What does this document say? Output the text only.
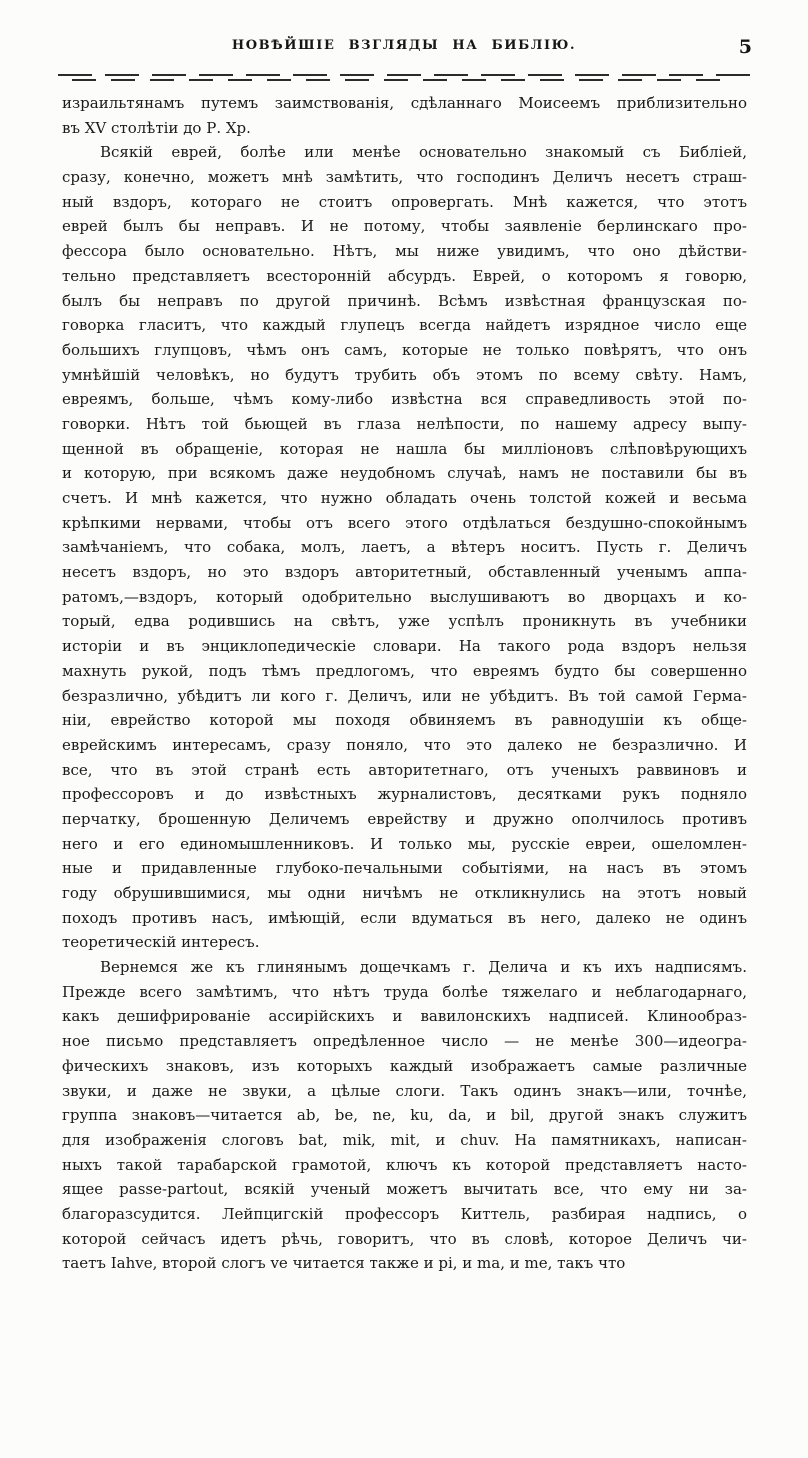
НОВѢЙШІЕ ВЗГЛЯДЫ НА БИБЛІЮ.	5
израильтянамъ путемъ заимствованія, сдѣланнаго Моисеемъ приблизительно
въ XV столѣтіи до Р. Хр.
Всякій еврей, болѣе или менѣе основательно знакомый съ Библіей,
сразу, конечно, можетъ мнѣ замѣтить, что господинъ Деличъ несетъ страш-
ный вздоръ, котораго не стоитъ опровергать. Мнѣ кажется, что этотъ
еврей былъ бы неправъ. И не потому, чтобы заявленіе берлинскаго про-
фессора было основательно. Нѣтъ, мы ниже увидимъ, что оно дѣйстви-
тельно представляетъ всесторонній абсурдъ. Еврей, о которомъ я говорю,
былъ бы неправъ по другой причинѣ. Всѣмъ извѣстная французская по-
говорка гласитъ, что каждый глупецъ всегда найдетъ изрядное число еще
большихъ глупцовъ, чѣмъ онъ самъ, которые не только повѣрятъ, что онъ
умнѣйшій человѣкъ, но будутъ трубить объ этомъ по всему свѣту. Намъ,
евреямъ, больше, чѣмъ кому-либо извѣстна вся справедливость этой по-
говорки. Нѣтъ той бьющей въ глаза нелѣпости, по нашему адресу выпу-
щенной въ обращеніе, которая не нашла бы милліоновъ слѣповѣрующихъ
и которую, при всякомъ даже неудобномъ случаѣ, намъ не поставили бы въ
счетъ. И мнѣ кажется, что нужно обладать очень толстой кожей и весьма
крѣпкими нервами, чтобы отъ всего этого отдѣлаться бездушно-спокойнымъ
замѣчаніемъ, что собака, молъ, лаетъ, а вѣтеръ носитъ. Пусть г. Деличъ
несетъ вздоръ, но это вздоръ авторитетный, обставленный ученымъ аппа-
ратомъ,—вздоръ, который одобрительно выслушиваютъ во дворцахъ и ко-
торый, едва родившись на свѣтъ, уже успѣлъ проникнуть въ учебники
исторіи и въ энциклопедическіе словари. На такого рода вздоръ нельзя
махнуть рукой, подъ тѣмъ предлогомъ, что евреямъ будто бы совершенно
безразлично, убѣдитъ ли кого г. Деличъ, или не убѣдитъ. Въ той самой Герма-
ніи, еврейство которой мы походя обвиняемъ въ равнодушіи къ обще-
еврейскимъ интересамъ, сразу поняло, что это далеко не безразлично. И
все, что въ этой странѣ есть авторитетнаго, отъ ученыхъ раввиновъ и
профессоровъ и до извѣстныхъ журналистовъ, десятками рукъ подняло
перчатку, брошенную Деличемъ еврейству и дружно ополчилось противъ
него и его единомышленниковъ. И только мы, русскіе евреи, ошеломлен-
ные и придавленные глубоко-печальными событіями, на насъ въ этомъ
году обрушившимися, мы одни ничѣмъ не откликнулись на этотъ новый
походъ противъ насъ, имѣющій, если вдуматься въ него, далеко не одинъ
теоретическій интересъ.
Вернемся же къ глинянымъ дощечкамъ г. Делича и къ ихъ надписямъ.
Прежде всего замѣтимъ, что нѣтъ труда болѣе тяжелаго и неблагодарнаго,
какъ дешифрированіе ассирійскихъ и вавилонскихъ надписей. Клинообраз-
ное письмо представляетъ опредѣленное число — не менѣе 300—идеогра-
фическихъ знаковъ, изъ которыхъ каждый изображаетъ самые различные
звуки, и даже не звуки, а цѣлые слоги. Такъ одинъ знакъ—или, точнѣе,
группа знаковъ—читается ab, be, ne, ku, da, и bil, другой знакъ служитъ
для изображенія слоговъ bat, mik, mit, и chuv. На памятникахъ, написан-
ныхъ такой тарабарской грамотой, ключъ къ которой представляетъ насто-
ящее passe-partout, всякій ученый можетъ вычитать все, что ему ни за-
благоразсудится. Лейпцигскій профессоръ Киттель, разбирая надпись, о
которой сейчасъ идетъ рѣчь, говоритъ, что въ словѣ, которое Деличъ чи-
таетъ Iahve, второй слогъ ve читается также и pi, и ma, и me, такъ что
